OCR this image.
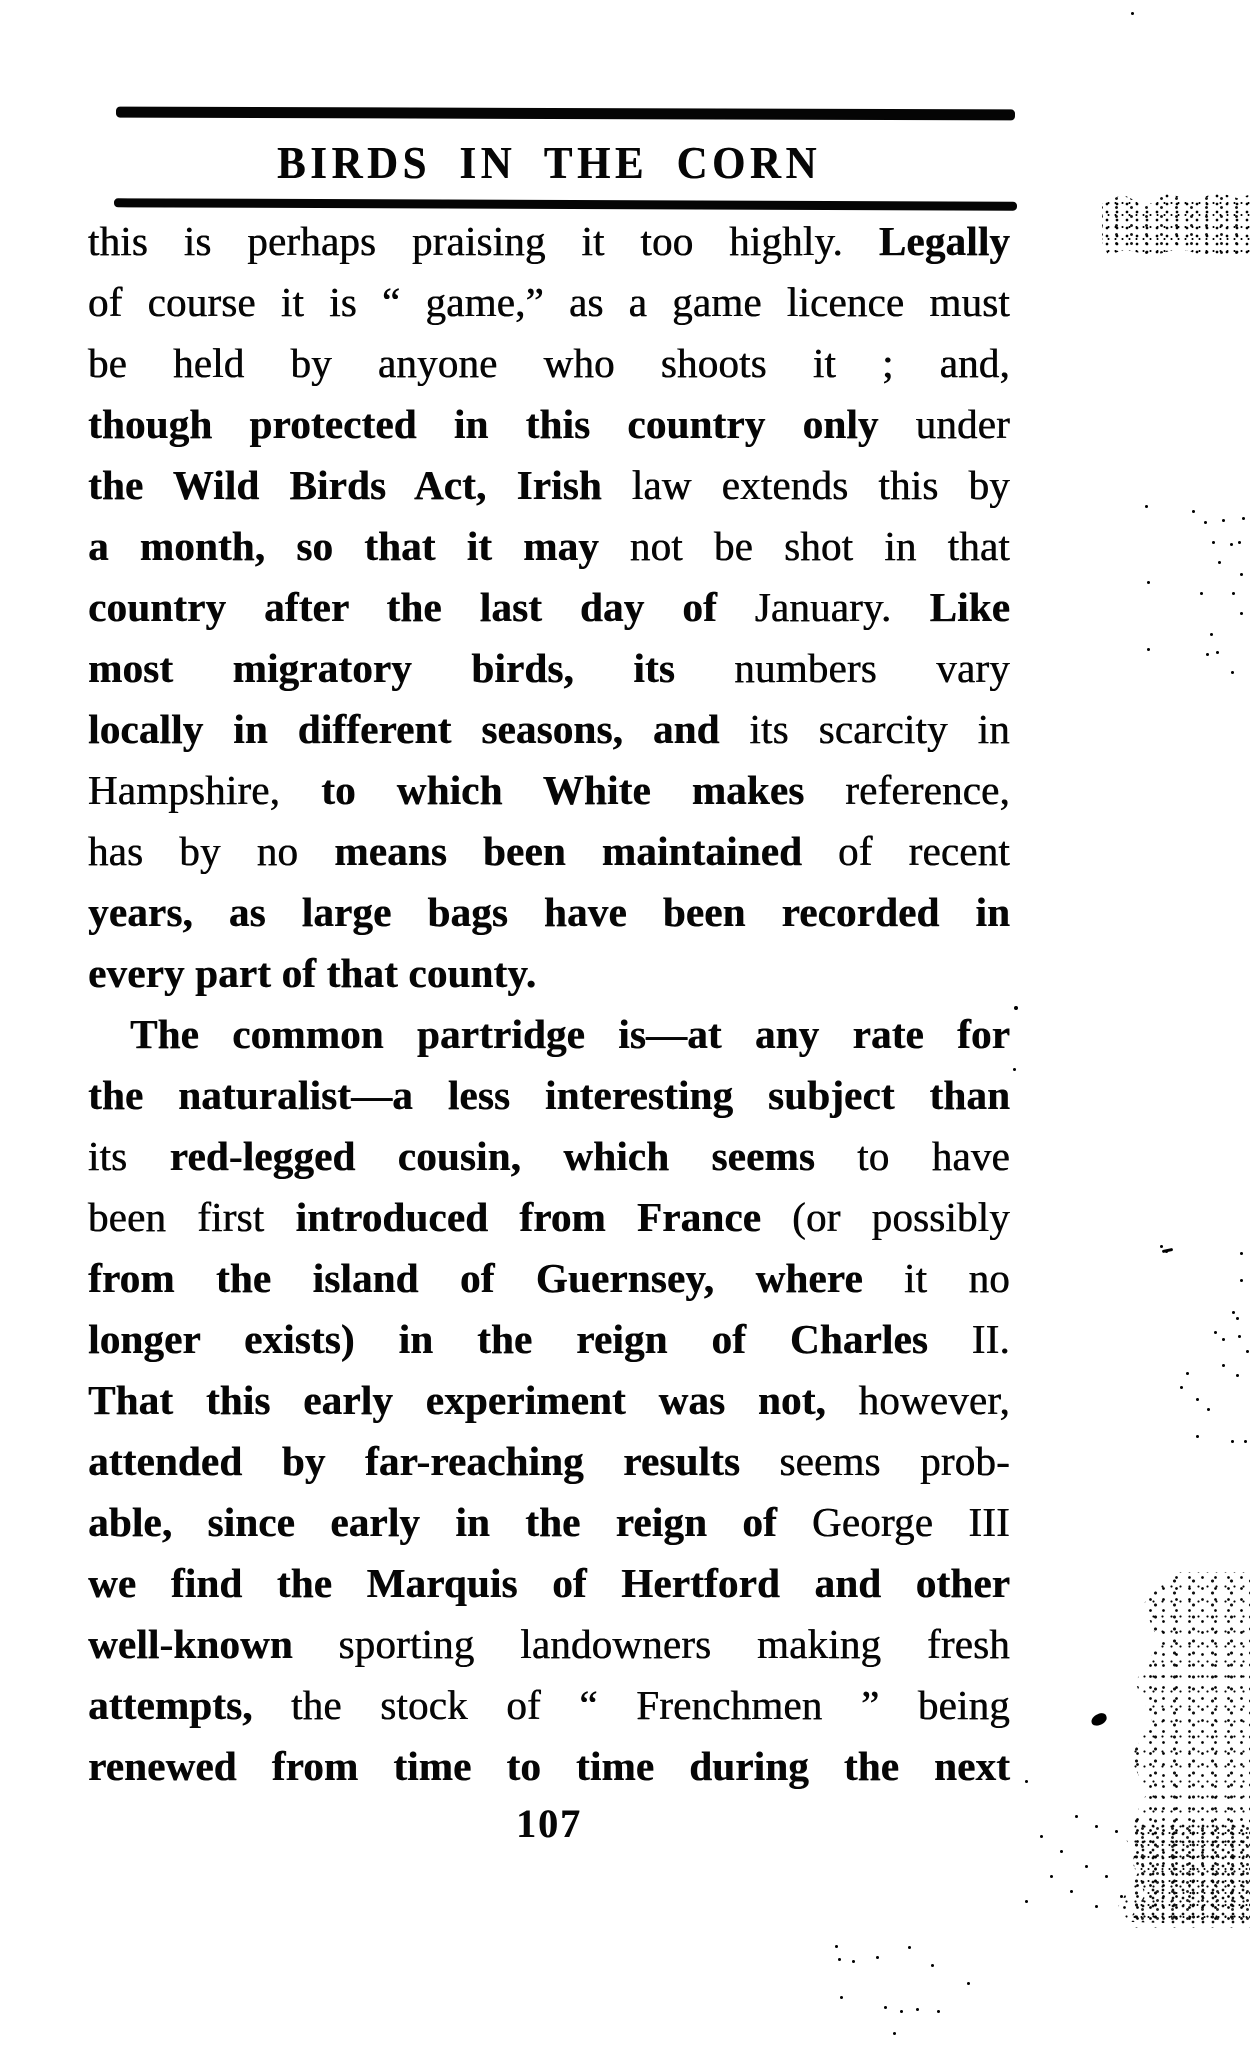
BIRDS IN THE CORN
this is perhaps praising it too highly. Legally
of course it is “ game,” as a game licence must
be held by anyone who shoots it ; and,
though protected in this country only under
the Wild Birds Act, Irish law extends this by
a month, so that it may not be shot in that
country after the last day of January. Like
most migratory birds, its numbers vary
locally in different seasons, and its scarcity in
Hampshire, to which White makes reference,
has by no means been maintained of recent
years, as large bags have been recorded in
every part of that county.
The common partridge is—at any rate for
the naturalist—a less interesting subject than
its red-legged cousin, which seems to have
been first introduced from France (or possibly
from the island of Guernsey, where it no
longer exists) in the reign of Charles II.
That this early experiment was not, however,
attended by far-reaching results seems prob-
able, since early in the reign of George III
we find the Marquis of Hertford and other
well-known sporting landowners making fresh
attempts, the stock of “ Frenchmen ” being
renewed from time to time during the next
107
